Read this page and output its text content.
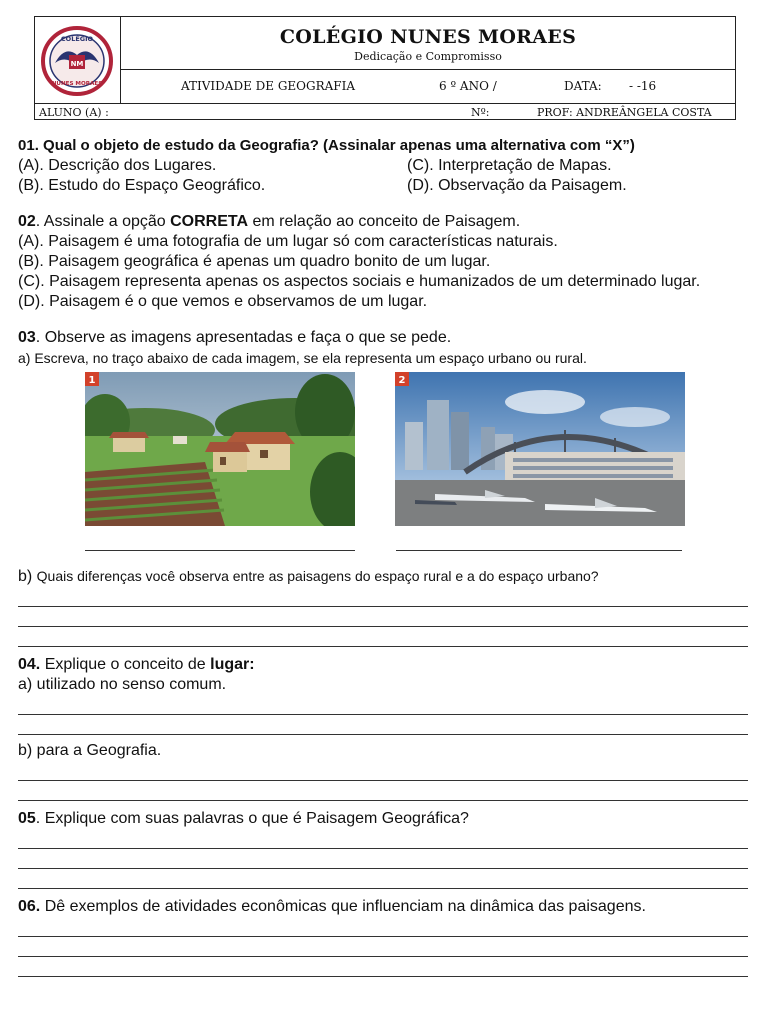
NM
COLÉGIO
NUNES MORAES
COLÉGIO NUNES MORAES
Dedicação e Compromisso
ATIVIDADE DE GEOGRAFIA	6 º ANO /	DATA: - -16
ALUNO (A) :	Nº:	PROF: ANDREÂNGELA COSTA

01. Qual o objeto de estudo da Geografia? (Assinalar apenas uma alternativa com “X”)

(A). Descrição dos Lugares.	(C). Interpretação de Mapas.

(B). Estudo do Espaço Geográfico.	(D). Observação da Paisagem.

02. Assinale a opção CORRETA em relação ao conceito de Paisagem.

(A). Paisagem é uma fotografia de um lugar só com características naturais.

(B). Paisagem geográfica é apenas um quadro bonito de um lugar.

(C). Paisagem representa apenas os aspectos sociais e humanizados de um determinado lugar.

(D). Paisagem é o que vemos e observamos de um lugar.

03. Observe as imagens apresentadas e faça o que se pede.

a) Escreva, no traço abaixo de cada imagem, se ela representa um espaço urbano ou rural.

1	2

b) Quais diferenças você observa entre as paisagens do espaço rural e a do espaço urbano?

04. Explique o conceito de lugar:

a) utilizado no senso comum.

b) para a Geografia.

05. Explique com suas palavras o que é Paisagem Geográfica?

06. Dê exemplos de atividades econômicas que influenciam na dinâmica das paisagens.
